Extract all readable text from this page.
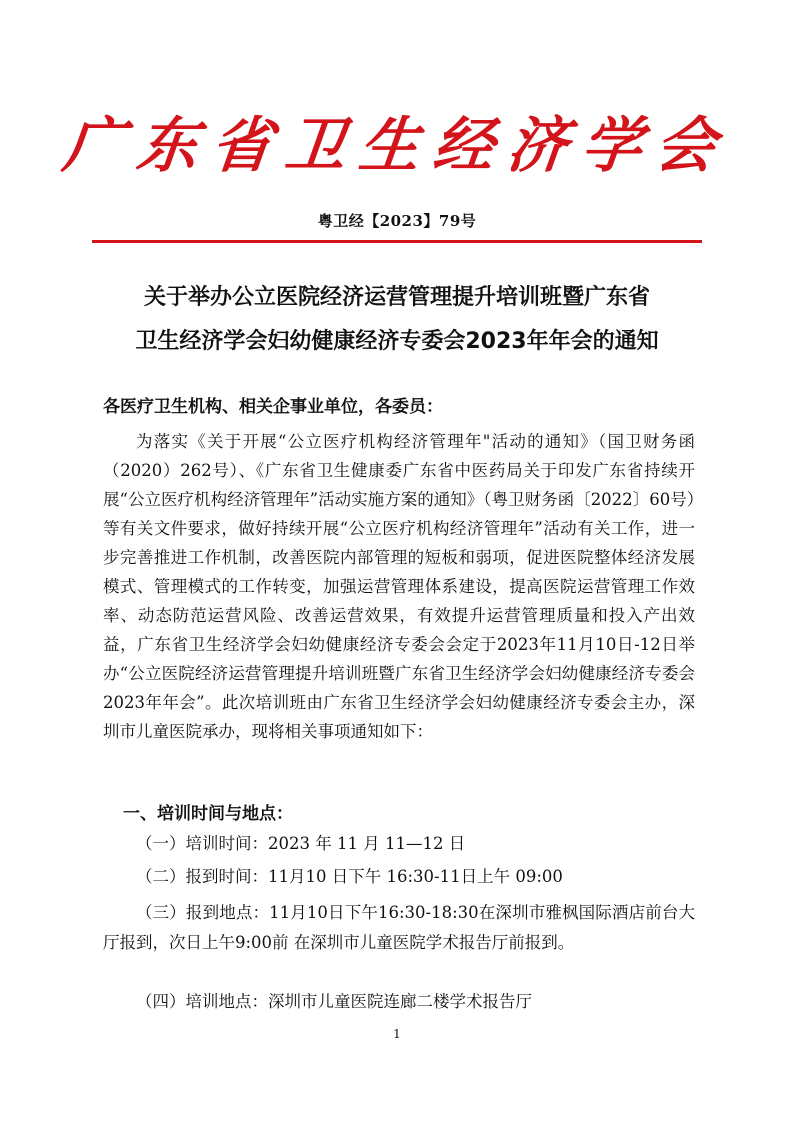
广东省卫生经济学会
粤卫经【2023】79号
关于举办公立医院经济运营管理提升培训班暨广东省
卫生经济学会妇幼健康经济专委会2023年年会的通知
各医疗卫生机构、相关企事业单位，各委员：
为落实《关于开展“公立医疗机构经济管理年"活动的通知》（国卫财务函（2020）262号）、《广东省卫生健康委广东省中医药局关于印发广东省持续开展“公立医疗机构经济管理年”活动实施方案的通知》（粤卫财务函〔2022〕60号）等有关文件要求，做好持续开展“公立医疗机构经济管理年”活动有关工作，进一步完善推进工作机制，改善医院内部管理的短板和弱项，促进医院整体经济发展模式、管理模式的工作转变，加强运营管理体系建设，提高医院运营管理工作效率、动态防范运营风险、改善运营效果，有效提升运营管理质量和投入产出效益，广东省卫生经济学会妇幼健康经济专委会会定于2023年11月10日-12日举办“公立医院经济运营管理提升培训班暨广东省卫生经济学会妇幼健康经济专委会2023年年会”。此次培训班由广东省卫生经济学会妇幼健康经济专委会主办，深圳市儿童医院承办，现将相关事项通知如下：
一、培训时间与地点：
（一）培训时间：2023 年 11 月 11—12 日
（二）报到时间：11月10 日下午 16:30-11日上午 09:00
（三）报到地点：11月10日下午16:30-18:30在深圳市雅枫国际酒店前台大厅报到，次日上午9:00前 在深圳市儿童医院学术报告厅前报到。
（四）培训地点：深圳市儿童医院连廊二楼学术报告厅
1
